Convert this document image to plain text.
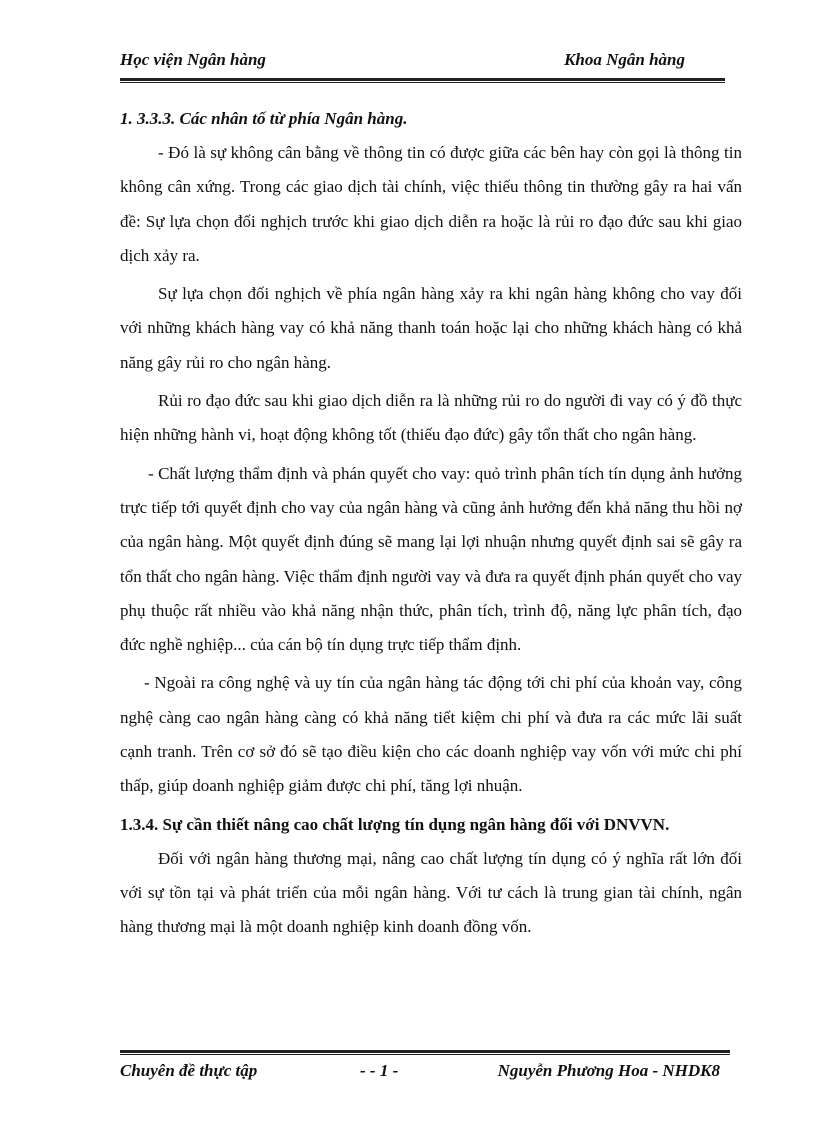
Học viện Ngân hàng	Khoa Ngân hàng
1. 3.3.3. Các nhân tố từ phía Ngân hàng.

- Đó là sự không cân bằng về thông tin có được giữa các bên hay còn gọi là thông tin không cân xứng. Trong các giao dịch tài chính, việc thiếu thông tin thường gây ra hai vấn đề: Sự lựa chọn đối nghịch trước khi giao dịch diễn ra hoặc là rủi ro đạo đức sau khi giao dịch xảy ra.

Sự lựa chọn đối nghịch về phía ngân hàng xảy ra khi ngân hàng không cho vay đối với những khách hàng vay có khả năng thanh toán hoặc lại cho những khách hàng có khả năng gây rủi ro cho ngân hàng.

Rủi ro đạo đức sau khi giao dịch diễn ra là những rủi ro do người đi vay có ý đồ thực hiện những hành vi, hoạt động không tốt (thiếu đạo đức) gây tổn thất cho ngân hàng.

- Chất lượng thẩm định và phán quyết cho vay: quỏ trình phân tích tín dụng ảnh hưởng trực tiếp tới quyết định cho vay của ngân hàng và cũng ảnh hưởng đến khả năng thu hồi nợ của ngân hàng. Một quyết định đúng sẽ mang lại lợi nhuận nhưng quyết định sai sẽ gây ra tổn thất cho ngân hàng. Việc thẩm định người vay và đưa ra quyết định phán quyết cho vay phụ thuộc rất nhiều vào khả năng nhận thức, phân tích, trình độ, năng lực phân tích, đạo đức nghề nghiệp... của cán bộ tín dụng trực tiếp thẩm định.

- Ngoài ra công nghệ và uy tín của ngân hàng tác động tới chi phí của khoản vay, công nghệ càng cao ngân hàng càng có khả năng tiết kiệm chi phí và đưa ra các mức lãi suất cạnh tranh. Trên cơ sở đó sẽ tạo điều kiện cho các doanh nghiệp vay vốn với mức chi phí thấp, giúp doanh nghiệp giảm được chi phí, tăng lợi nhuận.

1.3.4. Sự cần thiết nâng cao chất lượng tín dụng ngân hàng đối với DNVVN.

Đối với ngân hàng thương mại, nâng cao chất lượng tín dụng có ý nghĩa rất lớn đối với sự tồn tại và phát triển của mỗi ngân hàng. Với tư cách là trung gian tài chính, ngân hàng thương mại là một doanh nghiệp kinh doanh đồng vốn.

Chuyên đề thực tập	- - 1 -	Nguyễn Phương Hoa - NHDK8
